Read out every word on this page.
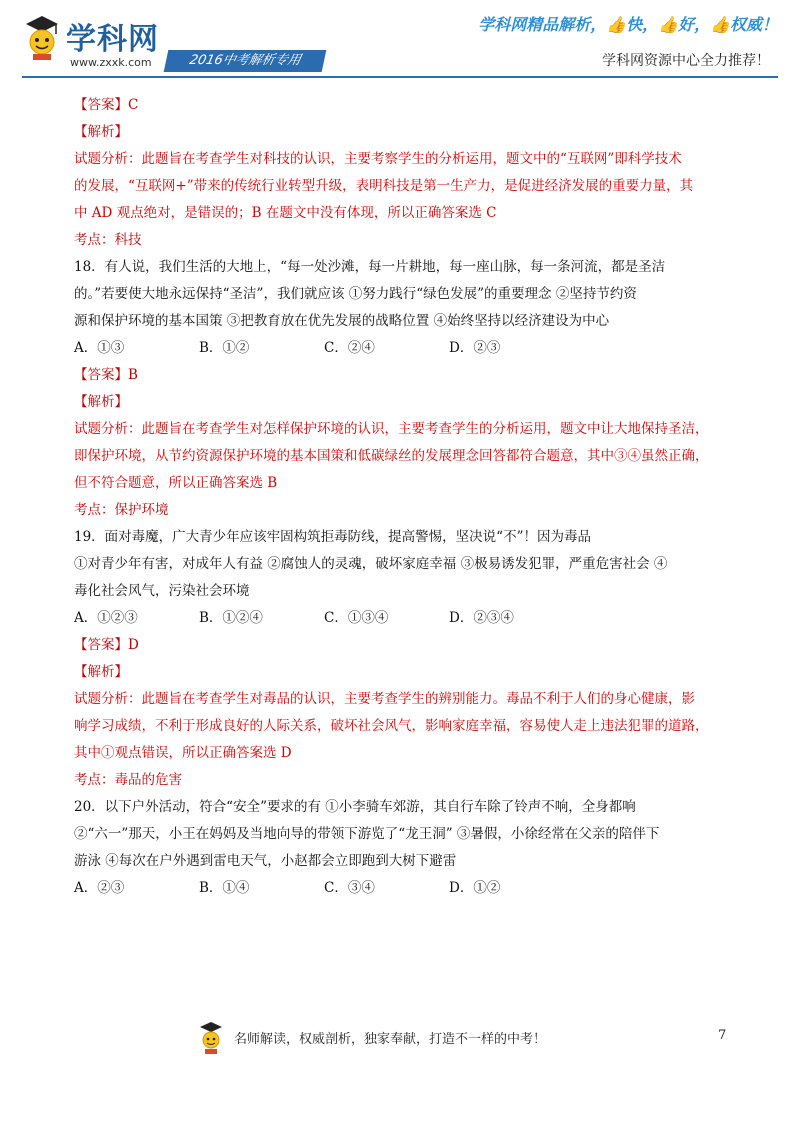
学科网
www.zxxk.com	2016中考解析专用
学科网精品解析，👍快，👍好，👍权威！
学科网资源中心全力推荐！
【答案】C
【解析】
试题分析：此题旨在考查学生对科技的认识，主要考察学生的分析运用，题文中的“互联网”即科学技术
的发展，“互联网+”带来的传统行业转型升级，表明科技是第一生产力，是促进经济发展的重要力量，其
中 AD 观点绝对，是错误的；B 在题文中没有体现，所以正确答案选 C
考点：科技
18．有人说，我们生活的大地上，“每一处沙滩，每一片耕地，每一座山脉，每一条河流，都是圣洁
的。”若要使大地永远保持“圣洁”，我们就应该 ①努力践行“绿色发展”的重要理念 ②坚持节约资
源和保护环境的基本国策 ③把教育放在优先发展的战略位置 ④始终坚持以经济建设为中心
A．①③	B．①②	C．②④	D．②③
【答案】B
【解析】
试题分析：此题旨在考查学生对怎样保护环境的认识，主要考查学生的分析运用，题文中让大地保持圣洁，
即保护环境，从节约资源保护环境的基本国策和低碳绿丝的发展理念回答都符合题意，其中③④虽然正确，
但不符合题意，所以正确答案选 B
考点：保护环境
19．面对毒魔，广大青少年应该牢固构筑拒毒防线，提高警惕，坚决说“不”！因为毒品
①对青少年有害，对成年人有益 ②腐蚀人的灵魂，破坏家庭幸福 ③极易诱发犯罪，严重危害社会 ④
毒化社会风气，污染社会环境
A．①②③	B．①②④	C．①③④	D．②③④
【答案】D
【解析】
试题分析：此题旨在考查学生对毒品的认识，主要考查学生的辨别能力。毒品不利于人们的身心健康，影
响学习成绩，不利于形成良好的人际关系，破坏社会风气，影响家庭幸福，容易使人走上违法犯罪的道路，
其中①观点错误，所以正确答案选 D
考点：毒品的危害
20．以下户外活动，符合“安全”要求的有 ①小李骑车郊游，其自行车除了铃声不响，全身都响
②“六一”那天，小王在妈妈及当地向导的带领下游览了“龙王洞” ③暑假，小徐经常在父亲的陪伴下
游泳 ④每次在户外遇到雷电天气，小赵都会立即跑到大树下避雷
A．②③	B．①④	C．③④	D．①②
名师解读，权威剖析，独家奉献，打造不一样的中考！	7
